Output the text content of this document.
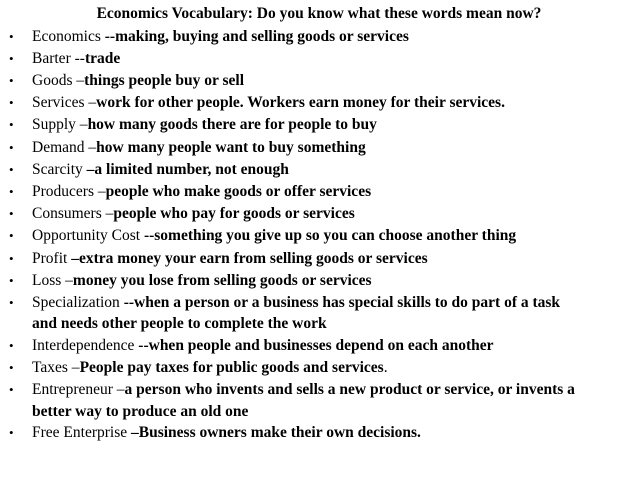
Economics Vocabulary: Do you know what these words mean now?
• Economics --making, buying and selling goods or services
• Barter --trade
• Goods –things people buy or sell
• Services –work for other people. Workers earn money for their services.
• Supply –how many goods there are for people to buy
• Demand –how many people want to buy something
• Scarcity –a limited number, not enough
• Producers –people who make goods or offer services
• Consumers –people who pay for goods or services
• Opportunity Cost --something you give up so you can choose another thing
• Profit –extra money your earn from selling goods or services
• Loss –money you lose from selling goods or services
• Specialization --when a person or a business has special skills to do part of a task
and needs other people to complete the work
• Interdependence --when people and businesses depend on each another
• Taxes –People pay taxes for public goods and services.
• Entrepreneur –a person who invents and sells a new product or service, or invents a
better way to produce an old one
• Free Enterprise –Business owners make their own decisions.
